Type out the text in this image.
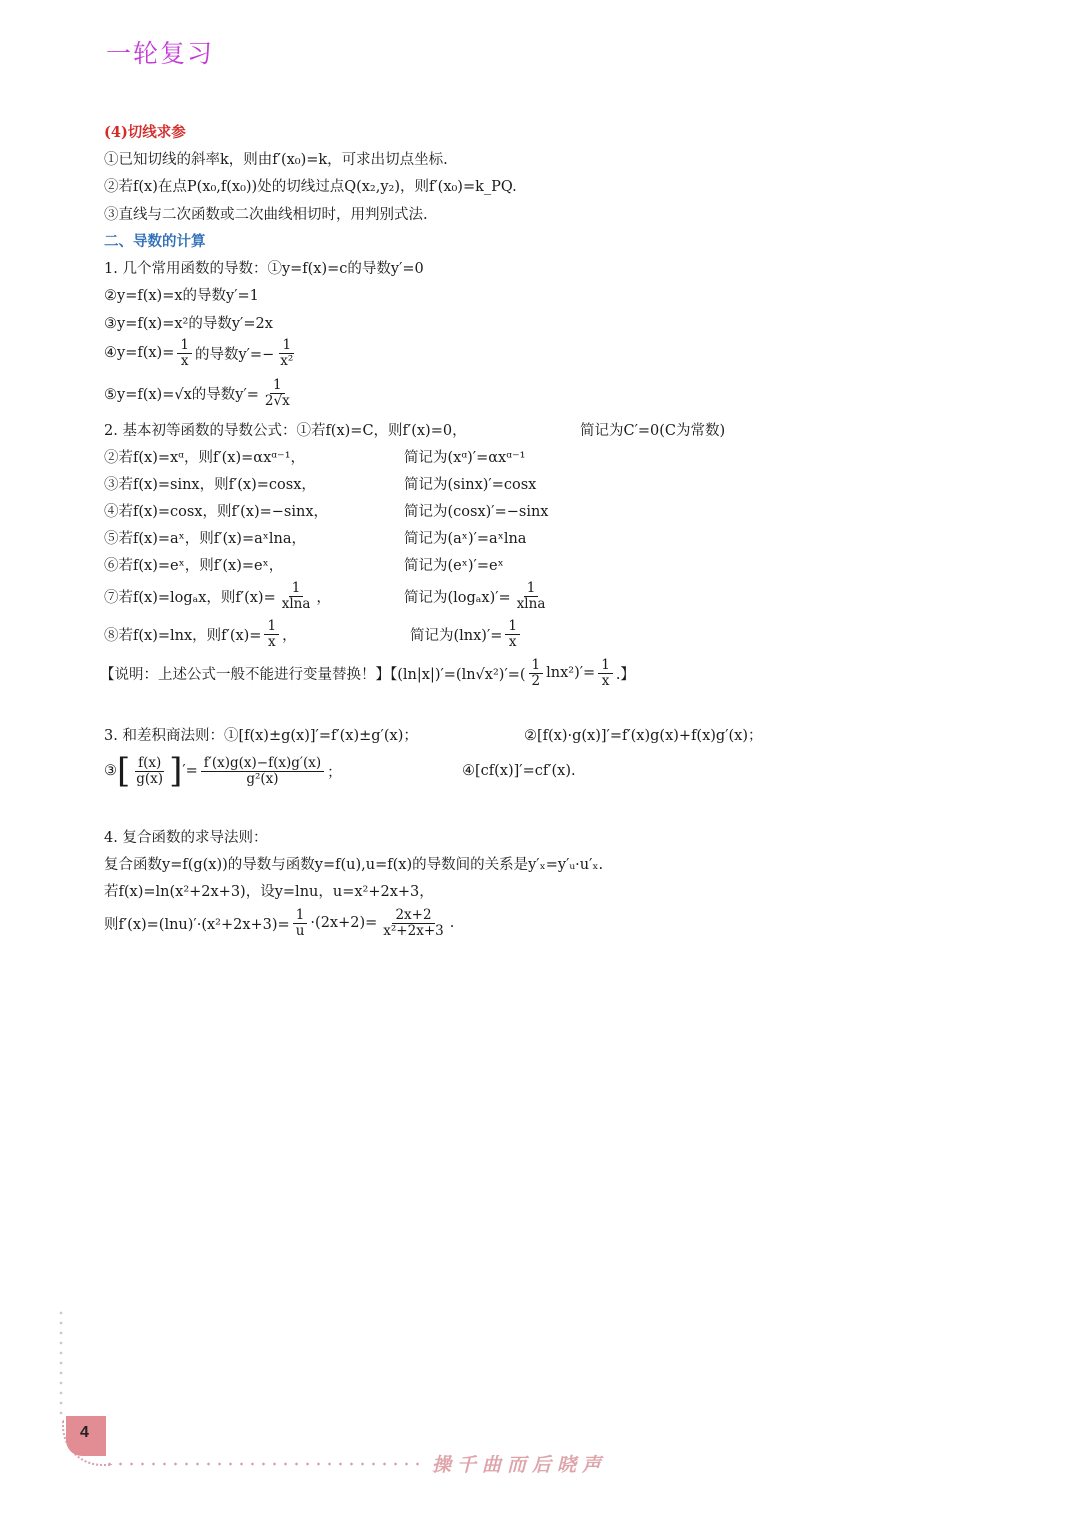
一轮复习
(4)切线求参
①已知切线的斜率k，则由f′(x₀)=k，可求出切点坐标.
②若f(x)在点P(x₀,f(x₀))处的切线过点Q(x₂,y₂)，则f′(x₀)=k_PQ.
③直线与二次函数或二次曲线相切时，用判别式法.
二、导数的计算
1. 几个常用函数的导数：①y=f(x)=c的导数y′=0
②y=f(x)=x的导数y′=1
③y=f(x)=x²的导数y′=2x
④y=f(x)= $\frac{1}{x}$ 的导数$y'=- \frac{1}{\text{x²}}$
⑤y=f(x)=√x的导数$y'= \frac{1}{2√x}$
2. 基本初等函数的导数公式：①若f(x)=C，则f′(x)=0，	简记为C′=0(C为常数)
②若f(x)=xᵅ，则f′(x)=αxᵅ⁻¹，	简记为(xᵅ)′=αxᵅ⁻¹
③若f(x)=sinx，则f′(x)=cosx，	简记为(sinx)′=cosx
④若f(x)=cosx，则f′(x)=−sinx，	简记为(cosx)′=−sinx
⑤若f(x)=aˣ，则f′(x)=aˣlna，	简记为(aˣ)′=aˣlna
⑥若f(x)=eˣ，则f′(x)=eˣ，	简记为(eˣ)′=eˣ
⑦若f(x)=logₐx，则$f'(x)= \frac{1}{xlna}$ ，	简记为$(\log_ax)'= \frac{1}{xlna}$
⑧若f(x)=lnx，则$f'(x)= \frac{1}{x}$ ，	简记为$(\ln x)'= \frac{1}{x}$
【说明：上述公式一般不能进行变量替换！】【$(\ln|x|)'=(\ln√x^2)'=( \frac{1}{2} \ln x^2)'= \frac{1}{x}$ .】
3. 和差积商法则：①[f(x)±g(x)]′=f′(x)±g′(x)；	②[f(x)·g(x)]′=f′(x)g(x)+f(x)g′(x)；
③ [ $\frac{f(x)}{g(x)}$ ] ′= $\frac{f'(x)g(x)-f(x)g'(x)}{\text{g²(x)}}$ ；	④[cf(x)]′=cf′(x).
4. 复合函数的求导法则：
复合函数y=f(g(x))的导数与函数y=f(u),u=f(x)的导数间的关系是y′ₓ=y′ᵤ·u′ₓ.
若f(x)=ln(x²+2x+3)，设y=lnu，u=x²+2x+3，
则$f'(x)=(\ln u)'\cdot(x^2+2x+3)= \frac{1}{u} \cdot(2x+2)= \frac{2x+2}{\text{x²+2x+3}}$ .
4
操千曲而后晓声
